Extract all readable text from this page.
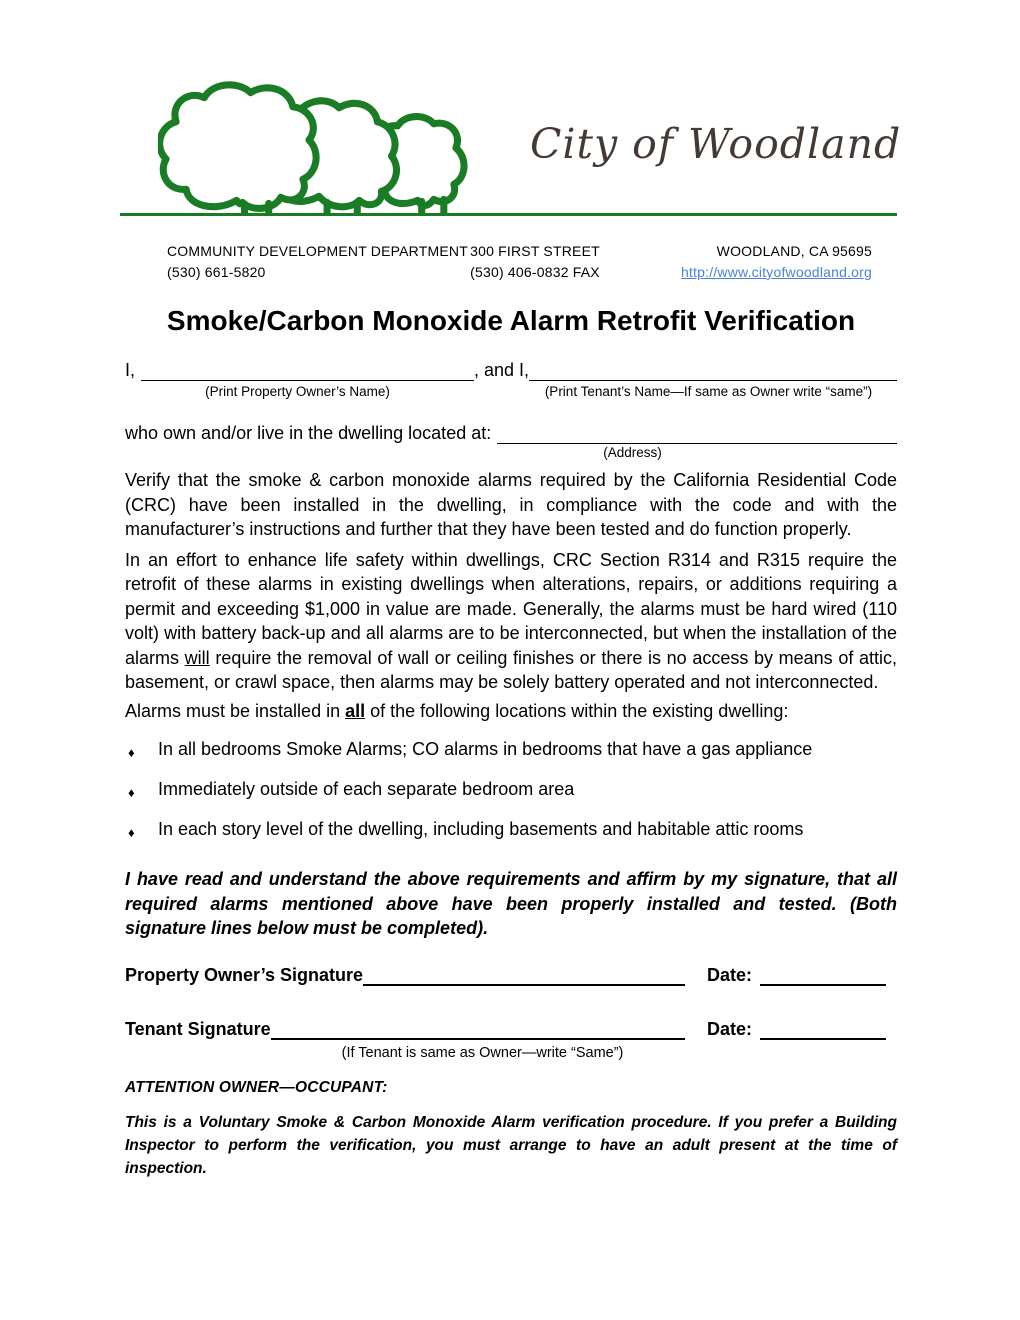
City of Woodland
COMMUNITY DEVELOPMENT DEPARTMENT 300 FIRST STREET	WOODLAND, CA 95695
(530) 661-5820	(530) 406-0832 FAX	http://www.cityofwoodland.org
Smoke/Carbon Monoxide Alarm Retrofit Verification
I,	, and I,
(Print Property Owner’s Name)	(Print Tenant’s Name—If same as Owner write “same”)
who own and/or live in the dwelling located at:
(Address)
Verify that the smoke & carbon monoxide alarms required by the California Residential Code (CRC) have been installed in the dwelling, in compliance with the code and with the manufacturer’s instructions and further that they have been tested and do function properly.
In an effort to enhance life safety within dwellings, CRC Section R314 and R315 require the retrofit of these alarms in existing dwellings when alterations, repairs, or additions requiring a permit and exceeding $1,000 in value are made. Generally, the alarms must be hard wired (110 volt) with battery back-up and all alarms are to be interconnected, but when the installation of the alarms will require the removal of wall or ceiling finishes or there is no access by means of attic, basement, or crawl space, then alarms may be solely battery operated and not interconnected.
Alarms must be installed in all of the following locations within the existing dwelling:
♦	In all bedrooms Smoke Alarms; CO alarms in bedrooms that have a gas appliance
♦	Immediately outside of each separate bedroom area
♦	In each story level of the dwelling, including basements and habitable attic rooms
I have read and understand the above requirements and affirm by my signature, that all required alarms mentioned above have been properly installed and tested. (Both signature lines below must be completed).
Property Owner’s Signature	Date:
Tenant Signature	Date:
(If Tenant is same as Owner—write “Same”)
ATTENTION OWNER—OCCUPANT:
This is a Voluntary Smoke & Carbon Monoxide Alarm verification procedure. If you prefer a Building Inspector to perform the verification, you must arrange to have an adult present at the time of inspection.
